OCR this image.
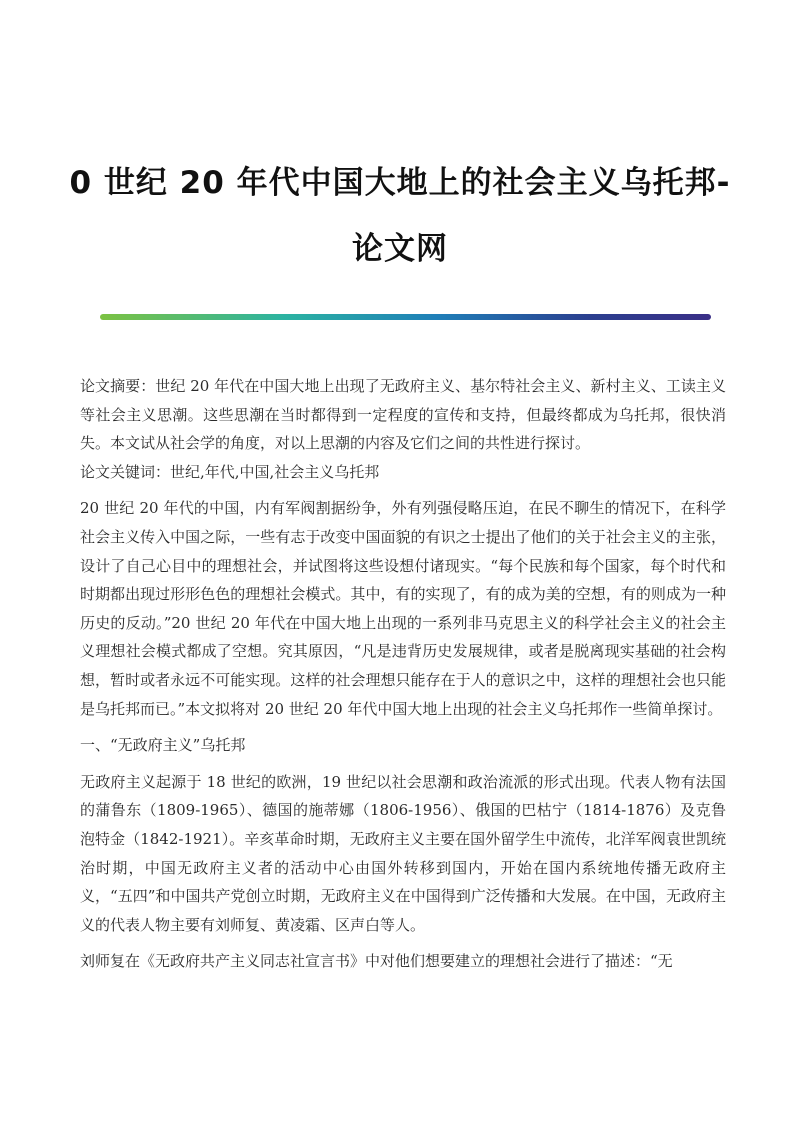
0 世纪 20 年代中国大地上的社会主义乌托邦-
论文网

论文摘要：世纪 20 年代在中国大地上出现了无政府主义、基尔特社会主义、新村主义、工读主义等社会主义思潮。这些思潮在当时都得到一定程度的宣传和支持，但最终都成为乌托邦，很快消失。本文试从社会学的角度，对以上思潮的内容及它们之间的共性进行探讨。

论文关键词：世纪,年代,中国,社会主义乌托邦

20 世纪 20 年代的中国，内有军阀割据纷争，外有列强侵略压迫，在民不聊生的情况下，在科学社会主义传入中国之际，一些有志于改变中国面貌的有识之士提出了他们的关于社会主义的主张，设计了自己心目中的理想社会，并试图将这些设想付诸现实。“每个民族和每个国家，每个时代和时期都出现过形形色色的理想社会模式。其中，有的实现了，有的成为美的空想，有的则成为一种历史的反动。”20 世纪 20 年代在中国大地上出现的一系列非马克思主义的科学社会主义的社会主义理想社会模式都成了空想。究其原因，“凡是违背历史发展规律，或者是脱离现实基础的社会构想，暂时或者永远不可能实现。这样的社会理想只能存在于人的意识之中，这样的理想社会也只能是乌托邦而已。”本文拟将对 20 世纪 20 年代中国大地上出现的社会主义乌托邦作一些简单探讨。

一、“无政府主义”乌托邦

无政府主义起源于 18 世纪的欧洲，19 世纪以社会思潮和政治流派的形式出现。代表人物有法国的蒲鲁东（1809-1965）、德国的施蒂娜（1806-1956）、俄国的巴枯宁（1814-1876）及克鲁泡特金（1842-1921）。辛亥革命时期，无政府主义主要在国外留学生中流传，北洋军阀袁世凯统治时期，中国无政府主义者的活动中心由国外转移到国内，开始在国内系统地传播无政府主义，“五四”和中国共产党创立时期，无政府主义在中国得到广泛传播和大发展。在中国，无政府主义的代表人物主要有刘师复、黄凌霜、区声白等人。

刘师复在《无政府共产主义同志社宣言书》中对他们想要建立的理想社会进行了描述：“无
